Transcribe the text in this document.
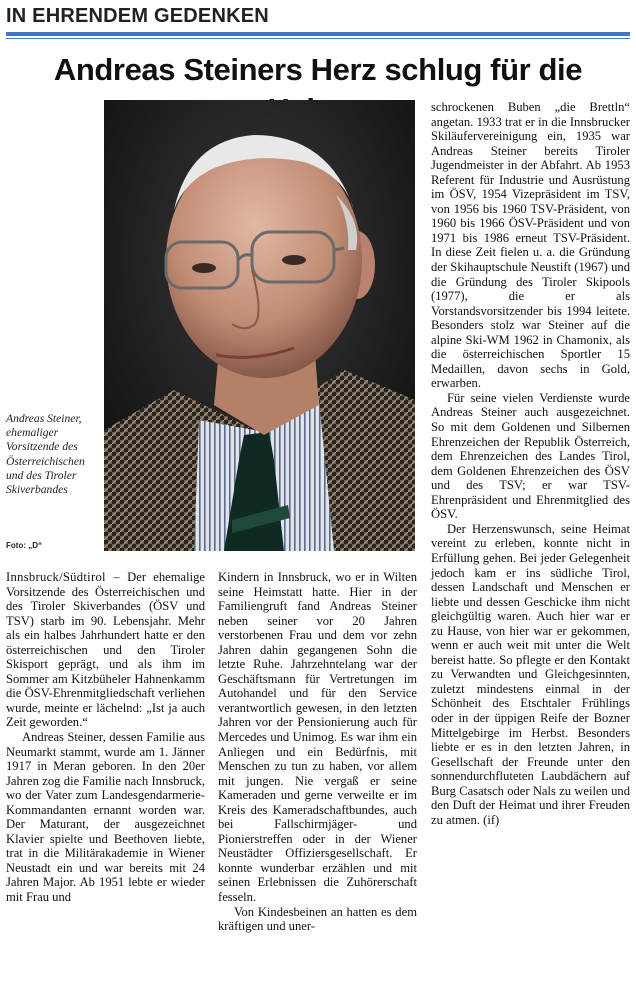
IN EHRENDEM GEDENKEN
Andreas Steiners Herz schlug für die
Andreas Steiner, ehemaliger Vorsitzende des Österreichischen und des Tiroler Skiverbandes
Foto: „D“

Innsbruck/Südtirol – Der ehemalige Vorsitzende des Österreichischen und des Tiroler Skiverbandes (ÖSV und TSV) starb im 90. Lebensjahr. Mehr als ein halbes Jahrhundert hatte er den österreichischen und den Tiroler Skisport geprägt, und als ihm im Sommer am Kitzbüheler Hahnenkamm die ÖSV-Ehrenmitgliedschaft verliehen wurde, meinte er lächelnd: „Ist ja auch Zeit geworden.“

Andreas Steiner, dessen Familie aus Neumarkt stammt, wurde am 1. Jänner 1917 in Meran geboren. In den 20er Jahren zog die Familie nach Innsbruck, wo der Vater zum Landesgendarmerie-Kommandanten ernannt worden war. Der Maturant, der ausgezeichnet Klavier spielte und Beethoven liebte, trat in die Militärakademie in Wiener Neustadt ein und war bereits mit 24 Jahren Major. Ab 1951 lebte er wieder mit Frau und

Kindern in Innsbruck, wo er in Wilten seine Heimstatt hatte. Hier in der Familiengruft fand Andreas Steiner neben seiner vor 20 Jahren verstorbenen Frau und dem vor zehn Jahren dahin gegangenen Sohn die letzte Ruhe. Jahrzehntelang war der Geschäftsmann für Vertretungen im Autohandel und für den Service verantwortlich gewesen, in den letzten Jahren vor der Pensionierung auch für Mercedes und Unimog. Es war ihm ein Anliegen und ein Bedürfnis, mit Menschen zu tun zu haben, vor allem mit jungen. Nie vergaß er seine Kameraden und gerne verweilte er im Kreis des Kameradschaftbundes, auch bei Fallschirmjäger- und Pionierstreffen oder in der Wiener Neustädter Offiziersgesellschaft. Er konnte wunderbar erzählen und mit seinen Erlebnissen die Zuhörerschaft fesseln.

Von Kindesbeinen an hatten es dem kräftigen und uner-

schrockenen Buben „die Brettln“ angetan. 1933 trat er in die Innsbrucker Skiläufervereinigung ein, 1935 war Andreas Steiner bereits Tiroler Jugendmeister in der Abfahrt. Ab 1953 Referent für Industrie und Ausrüstung im ÖSV, 1954 Vizepräsident im TSV, von 1956 bis 1960 TSV-Präsident, von 1960 bis 1966 ÖSV-Präsident und von 1971 bis 1986 erneut TSV-Präsident. In diese Zeit fielen u. a. die Gründung der Skihauptschule Neustift (1967) und die Gründung des Tiroler Skipools (1977), die er als Vorstandsvorsitzender bis 1994 leitete. Besonders stolz war Steiner auf die alpine Ski-WM 1962 in Chamonix, als die österreichischen Sportler 15 Medaillen, davon sechs in Gold, erwarben.

Für seine vielen Verdienste wurde Andreas Steiner auch ausgezeichnet. So mit dem Goldenen und Silbernen Ehrenzeichen der Republik Österreich, dem Ehrenzeichen des Landes Tirol, dem Goldenen Ehrenzeichen des ÖSV und des TSV; er war TSV-Ehrenpräsident und Ehrenmitglied des ÖSV.

Der Herzenswunsch, seine Heimat vereint zu erleben, konnte nicht in Erfüllung gehen. Bei jeder Gelegenheit jedoch kam er ins südliche Tirol, dessen Landschaft und Menschen er liebte und dessen Geschicke ihm nicht gleichgültig waren. Auch hier war er zu Hause, von hier war er gekommen, wenn er auch weit mit unter die Welt bereist hatte. So pflegte er den Kontakt zu Verwandten und Gleichgesinnten, zuletzt mindestens einmal in der Schönheit des Etschtaler Frühlings oder in der üppigen Reife der Bozner Mittelgebirge im Herbst. Besonders liebte er es in den letzten Jahren, in Gesellschaft der Freunde unter den sonnendurchfluteten Laubdächern auf Burg Casatsch oder Nals zu weilen und den Duft der Heimat und ihrer Freuden zu atmen. (if)
